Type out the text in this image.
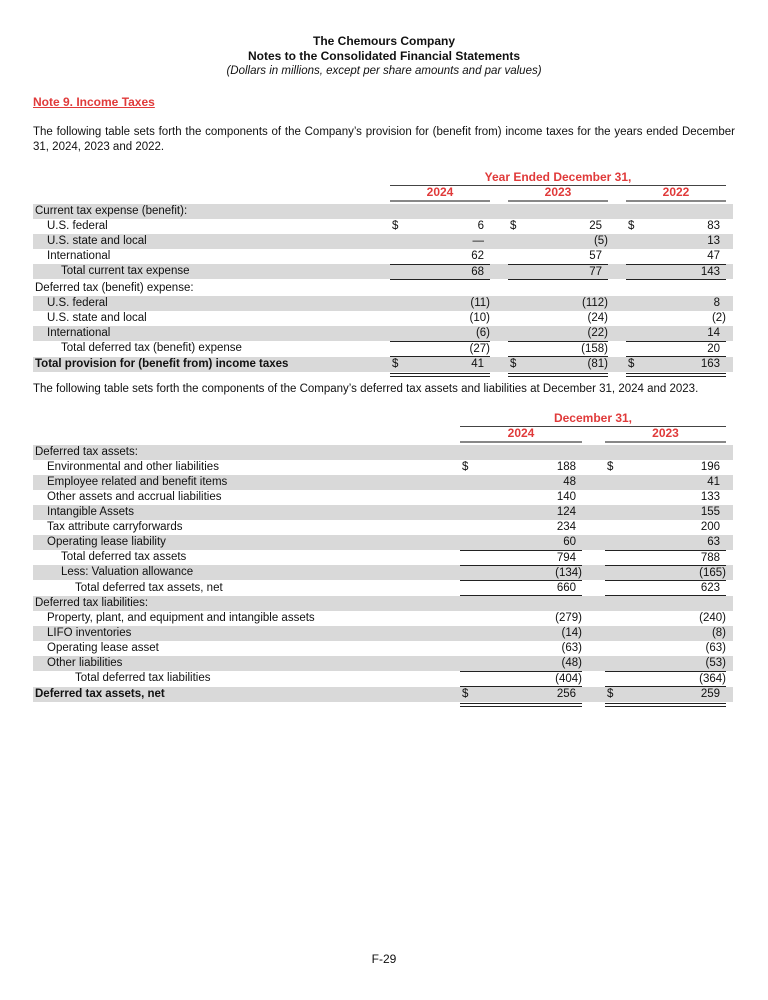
The Chemours Company
Notes to the Consolidated Financial Statements
(Dollars in millions, except per share amounts and par values)
Note 9. Income Taxes
The following table sets forth the components of the Company’s provision for (benefit from) income taxes for the years ended December 31, 2024, 2023 and 2022.
Year Ended December 31,
2024	2023	2022
Current tax expense (benefit):
U.S. federal	$	6 $	25 $	83
U.S. state and local	—	(5)	13
International	62	57	47
Total current tax expense	68	77	143
Deferred tax (benefit) expense:
U.S. federal	(11)	(112)	8
U.S. state and local	(10)	(24)	(2)
International	(6)	(22)	14
Total deferred tax (benefit) expense	(27)	(158)	20
Total provision for (benefit from) income taxes	$	41 $	(81) $	163
The following table sets forth the components of the Company’s deferred tax assets and liabilities at December 31, 2024 and 2023.
December 31,
2024	2023
Deferred tax assets:
Environmental and other liabilities	$	188	$	196
Employee related and benefit items	48	41
Other assets and accrual liabilities	140	133
Intangible Assets	124	155
Tax attribute carryforwards	234	200
Operating lease liability	60	63
Total deferred tax assets	794	788
Less: Valuation allowance	(134)	(165)
Total deferred tax assets, net	660	623
Deferred tax liabilities:
Property, plant, and equipment and intangible assets	(279)	(240)
LIFO inventories	(14)	(8)
Operating lease asset	(63)	(63)
Other liabilities	(48)	(53)
Total deferred tax liabilities	(404)	(364)
Deferred tax assets, net	$	256	$	259
F-29
